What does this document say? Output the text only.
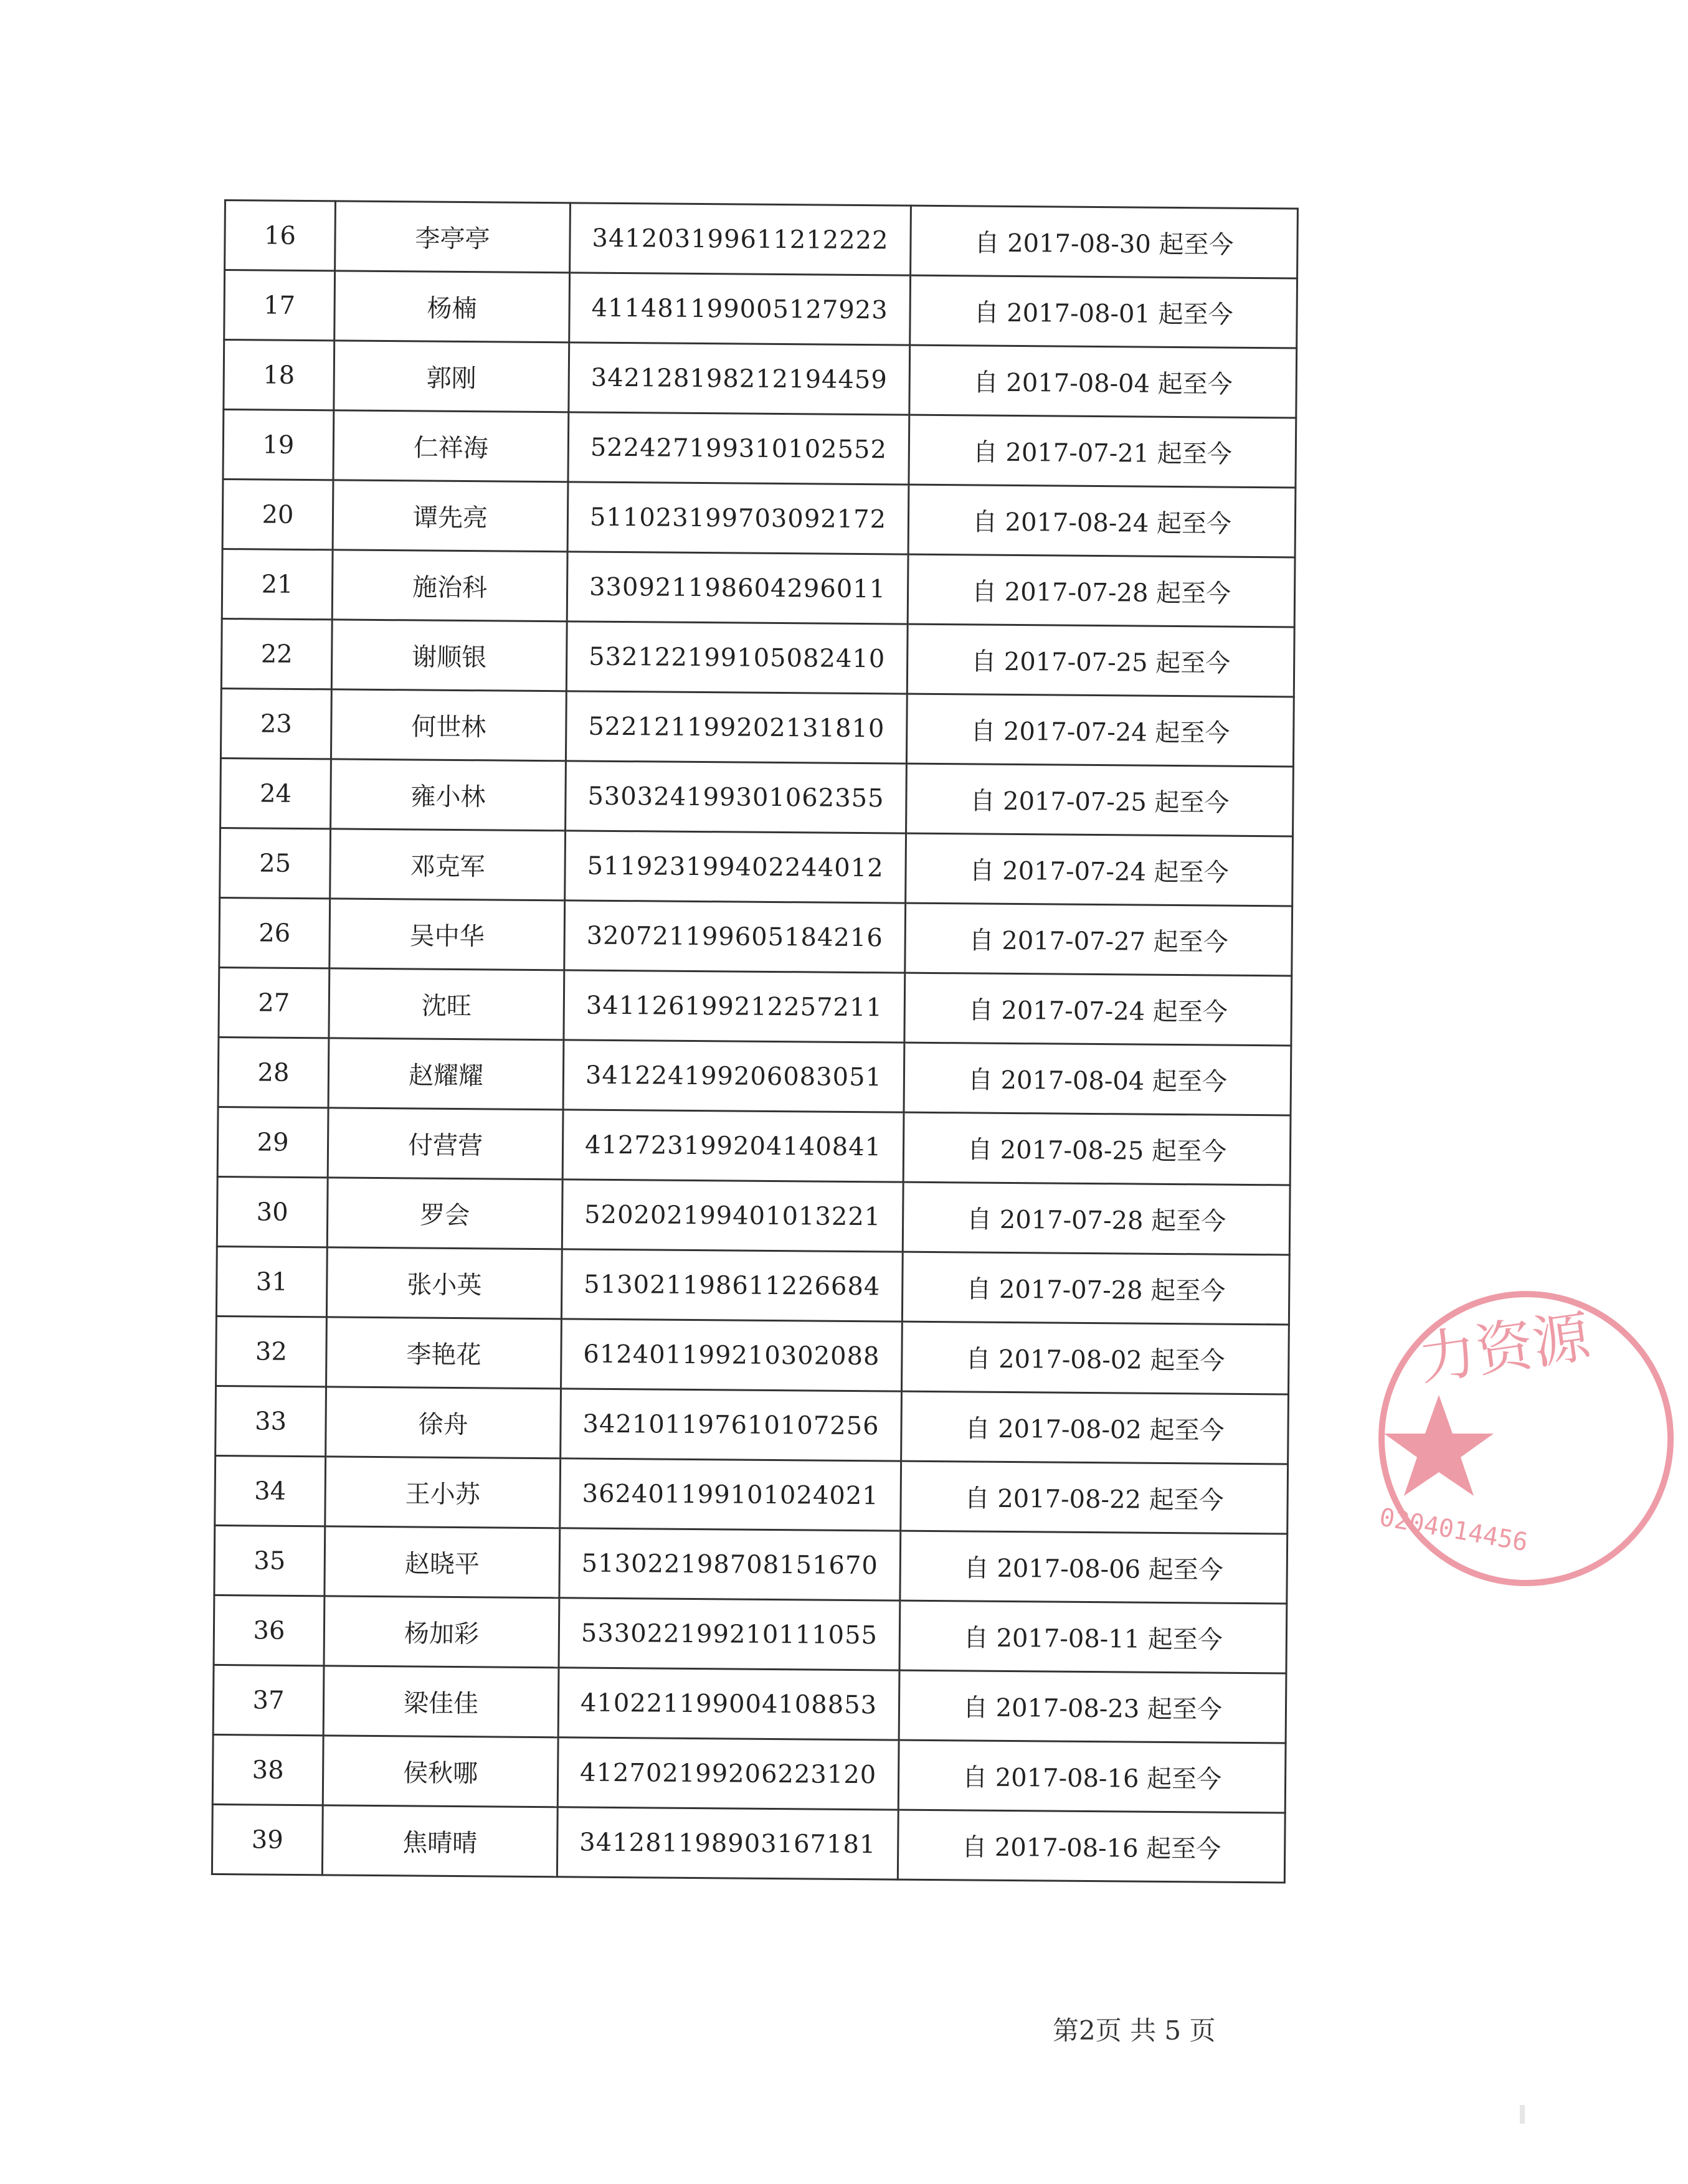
16	李亭亭	341203199611212222	自 2017-08-30 起至今
17	杨楠	411481199005127923	自 2017-08-01 起至今
18	郭刚	342128198212194459	自 2017-08-04 起至今
19	仁祥海	522427199310102552	自 2017-07-21 起至今
20	谭先亮	511023199703092172	自 2017-08-24 起至今
21	施治科	330921198604296011	自 2017-07-28 起至今
22	谢顺银	532122199105082410	自 2017-07-25 起至今
23	何世林	522121199202131810	自 2017-07-24 起至今
24	雍小林	530324199301062355	自 2017-07-25 起至今
25	邓克军	511923199402244012	自 2017-07-24 起至今
26	吴中华	320721199605184216	自 2017-07-27 起至今
27	沈旺	341126199212257211	自 2017-07-24 起至今
28	赵耀耀	341224199206083051	自 2017-08-04 起至今
29	付营营	412723199204140841	自 2017-08-25 起至今
30	罗会	520202199401013221	自 2017-07-28 起至今
31	张小英	513021198611226684	自 2017-07-28 起至今
32	李艳花	612401199210302088	自 2017-08-02 起至今
33	徐舟	342101197610107256	自 2017-08-02 起至今
34	王小苏	362401199101024021	自 2017-08-22 起至今
35	赵晓平	513022198708151670	自 2017-08-06 起至今
36	杨加彩	533022199210111055	自 2017-08-11 起至今
37	梁佳佳	410221199004108853	自 2017-08-23 起至今
38	侯秋哪	412702199206223120	自 2017-08-16 起至今
39	焦晴晴	341281198903167181	自 2017-08-16 起至今
第2页 共 5 页
力资源
0204014456
